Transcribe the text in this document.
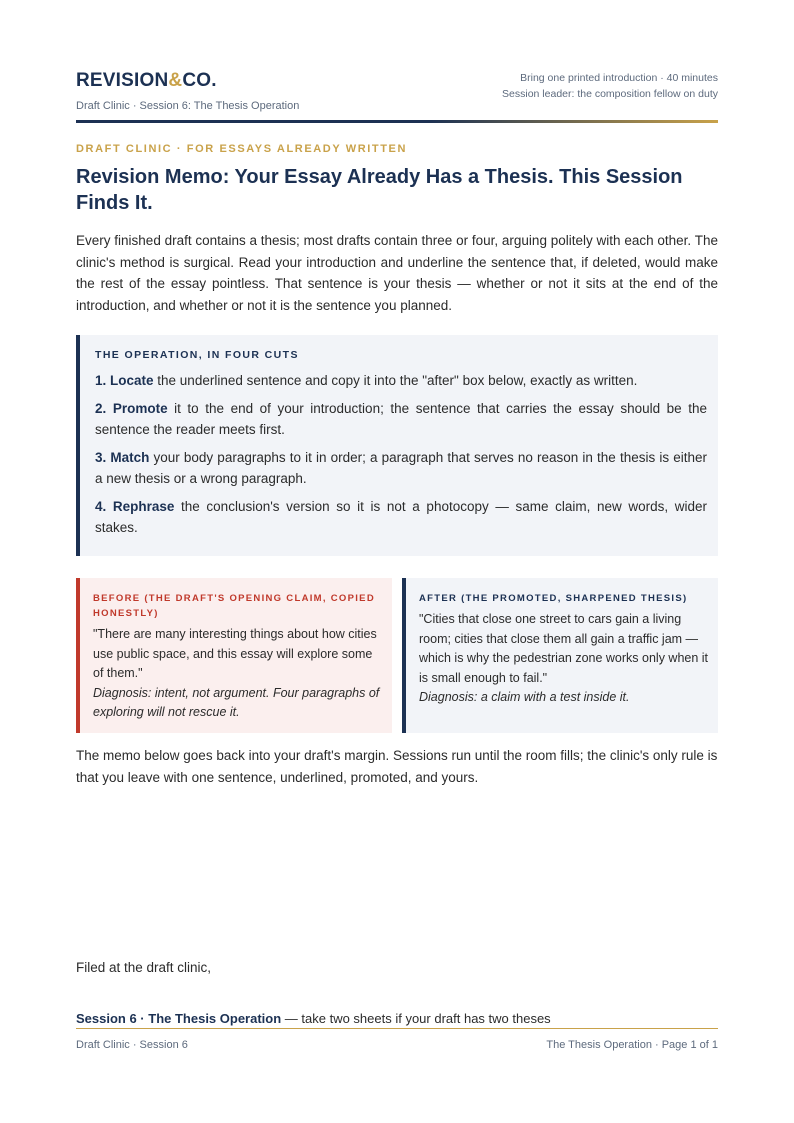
REVISION&CO.
Draft Clinic · Session 6: The Thesis Operation
Bring one printed introduction · 40 minutes
Session leader: the composition fellow on duty
DRAFT CLINIC · FOR ESSAYS ALREADY WRITTEN
Revision Memo: Your Essay Already Has a Thesis. This Session Finds It.

Every finished draft contains a thesis; most drafts contain three or four, arguing politely with each other. The clinic's method is surgical. Read your introduction and underline the sentence that, if deleted, would make the rest of the essay pointless. That sentence is your thesis — whether or not it sits at the end of the introduction, and whether or not it is the sentence you planned.

THE OPERATION, IN FOUR CUTS
1. Locate the underlined sentence and copy it into the "after" box below, exactly as written.
2. Promote it to the end of your introduction; the sentence that carries the essay should be the sentence the reader meets first.
3. Match your body paragraphs to it in order; a paragraph that serves no reason in the thesis is either a new thesis or a wrong paragraph.
4. Rephrase the conclusion's version so it is not a photocopy — same claim, new words, wider stakes.
BEFORE (THE DRAFT'S OPENING CLAIM, COPIED HONESTLY)

"There are many interesting things about how cities use public space, and this essay will explore some of them."
Diagnosis: intent, not argument. Four paragraphs of exploring will not rescue it.

AFTER (THE PROMOTED, SHARPENED THESIS)

"Cities that close one street to cars gain a living room; cities that close them all gain a traffic jam — which is why the pedestrian zone works only when it is small enough to fail."
Diagnosis: a claim with a test inside it.

The memo below goes back into your draft's margin. Sessions run until the room fills; the clinic's only rule is that you leave with one sentence, underlined, promoted, and yours.

Filed at the draft clinic,
Session 6 · The Thesis Operation — take two sheets if your draft has two theses
Draft Clinic · Session 6	The Thesis Operation · Page 1 of 1
